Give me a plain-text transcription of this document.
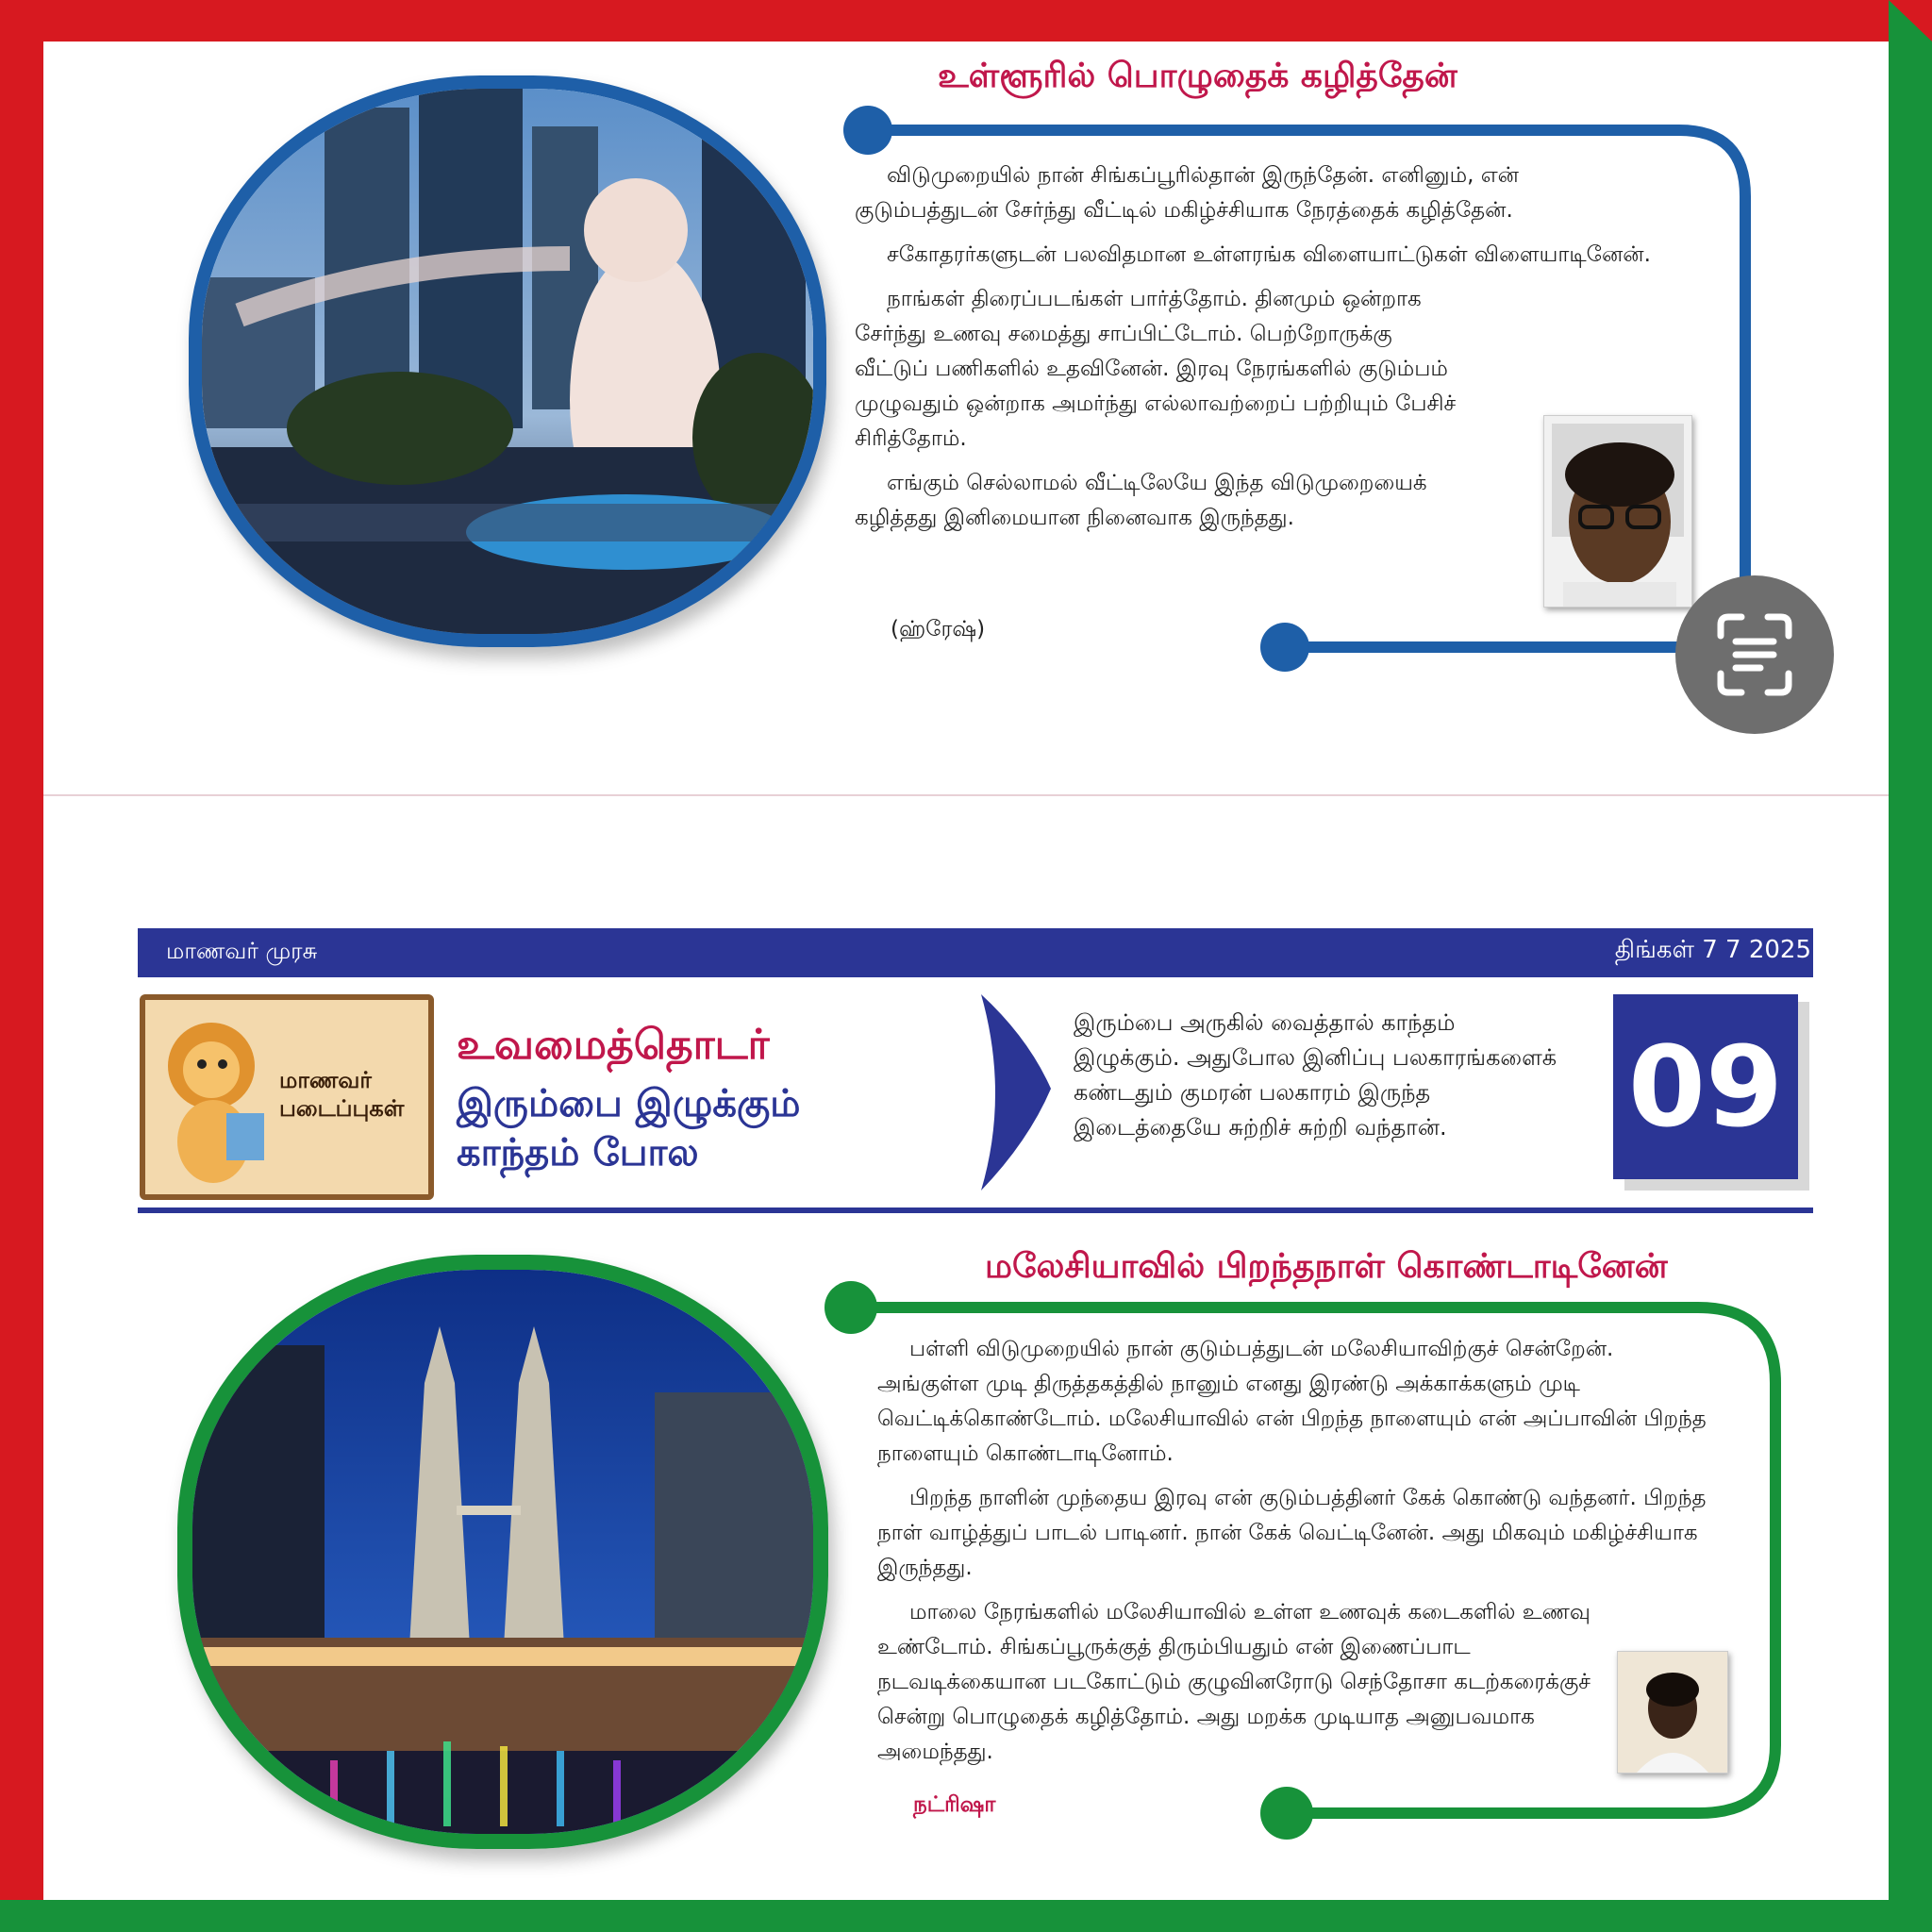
உள்ளூரில் பொழுதைக் கழித்தேன்

விடுமுறையில் நான் சிங்கப்பூரில்தான் இருந்தேன். எனினும், என் குடும்பத்துடன் சேர்ந்து வீட்டில் மகிழ்ச்சியாக நேரத்தைக் கழித்தேன்.

சகோதரர்களுடன் பலவிதமான உள்ளரங்க விளையாட்டுகள் விளையாடினேன்.

நாங்கள் திரைப்படங்கள் பார்த்தோம். தினமும் ஒன்றாக சேர்ந்து உணவு சமைத்து சாப்பிட்டோம். பெற்றோருக்கு வீட்டுப் பணிகளில் உதவினேன். இரவு நேரங்களில் குடும்பம் முழுவதும் ஒன்றாக அமர்ந்து எல்லாவற்றைப் பற்றியும் பேசிச் சிரித்தோம்.

எங்கும் செல்லாமல் வீட்டிலேயே இந்த விடுமுறையைக் கழித்தது இனிமையான நினைவாக இருந்தது.

(ஹ்ரேஷ்)
மாணவர் முரசு	திங்கள் 7 7 2025
மாணவர்
படைப்புகள்
உவமைத்தொடர்
இரும்பை இழுக்கும் காந்தம் போல
இரும்பை அருகில் வைத்தால் காந்தம் இழுக்கும். அதுபோல இனிப்பு பலகாரங்களைக் கண்டதும் குமரன் பலகாரம் இருந்த இடைத்தையே சுற்றிச் சுற்றி வந்தான்.	09
மலேசியாவில் பிறந்தநாள் கொண்டாடினேன்

பள்ளி விடுமுறையில் நான் குடும்பத்துடன் மலேசியாவிற்குச் சென்றேன். அங்குள்ள முடி திருத்தகத்தில் நானும் எனது இரண்டு அக்காக்களும் முடி வெட்டிக்கொண்டோம். மலேசியாவில் என் பிறந்த நாளையும் என் அப்பாவின் பிறந்த நாளையும் கொண்டாடினோம்.

பிறந்த நாளின் முந்தைய இரவு என் குடும்பத்தினர் கேக் கொண்டு வந்தனர். பிறந்த நாள் வாழ்த்துப் பாடல் பாடினர். நான் கேக் வெட்டினேன். அது மிகவும் மகிழ்ச்சியாக இருந்தது.

மாலை நேரங்களில் மலேசியாவில் உள்ள உணவுக் கடைகளில் உணவு உண்டோம். சிங்கப்பூருக்குத் திரும்பியதும் என் இணைப்பாட நடவடிக்கையான படகோட்டும் குழுவினரோடு செந்தோசா கடற்கரைக்குச் சென்று பொழுதைக் கழித்தோம். அது மறக்க முடியாத அனுபவமாக அமைந்தது.

நட்ரிஷா
